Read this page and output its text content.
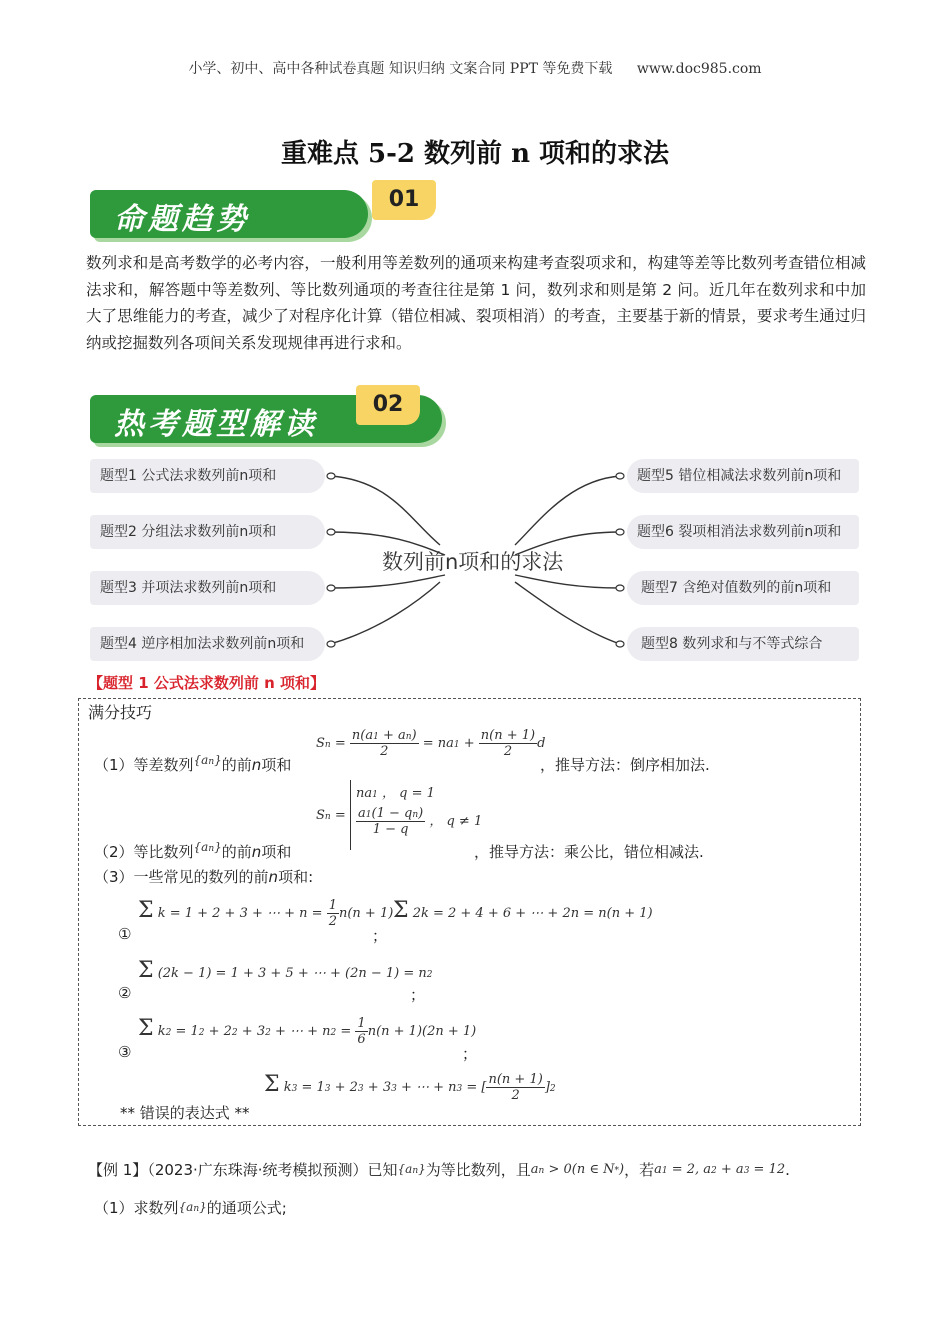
小学、初中、高中各种试卷真题 知识归纳 文案合同 PPT 等免费下载 www.doc985.com
重难点 5-2 数列前 n 项和的求法
命题趋势
01
数列求和是高考数学的必考内容，一般利用等差数列的通项来构建考查裂项求和，构建等差等比数列考查错位相减法求和，解答题中等差数列、等比数列通项的考查往往是第 1 问，数列求和则是第 2 问。近几年在数列求和中加大了思维能力的考查，减少了对程序化计算（错位相减、裂项相消）的考查，主要基于新的情景，要求考生通过归纳或挖掘数列各项间关系发现规律再进行求和。
热考题型解读
02
题型1 公式法求数列前n项和
题型2 分组法求数列前n项和
题型3 并项法求数列前n项和
题型4 逆序相加法求数列前n项和
题型5 错位相减法求数列前n项和
题型6 裂项相消法求数列前n项和
题型7 含绝对值数列的前n项和
题型8 数列求和与不等式综合
数列前n项和的求法
【题型 1 公式法求数列前 n 项和】
满分技巧
（1）等差数列$^{\{an\}}$的前n项和
$Sn = \frac{n(a1 + an)}{2} = na1 + \frac{n(n + 1)}{2}$ d
，推导方法：倒序相加法.
Sn =
na1 ， q = 1
$\frac{a1(1 - qn)}{1 - q}$ ， q ≠ 1
（2）等比数列$^{\{an\}}$的前n项和	，推导方法：乘公比，错位相减法.
（3）一些常见的数列的前n项和:
①
Σ k = 1 + 2 + 3 + ⋯ + $n = \frac{1}{2} n(n + 1)$
；
Σ 2k = 2 + 4 + 6 + ⋯ + 2n = n(n + 1)
②
Σ (2k − 1) = 1 + 3 + 5 + ⋯ + (2n − 1) = n2
；
③
Σ k2 = 12 + 22 + 32 + ⋯ + $n2 = \frac{1}{6} n(n + 1)(2n + 1)$
；
** 错误的表达式 **
Σ k3 = 13 + 23 + 33 + ⋯ + n3 = [ $\frac{n(n + 1)}{2} ]2$
【例 1】（2023·广东珠海·统考模拟预测）已知{an}为等比数列，且an > 0(n ∈ N*)，若a1 = 2, a2 + a3 = 12.
（1）求数列{an}的通项公式;
